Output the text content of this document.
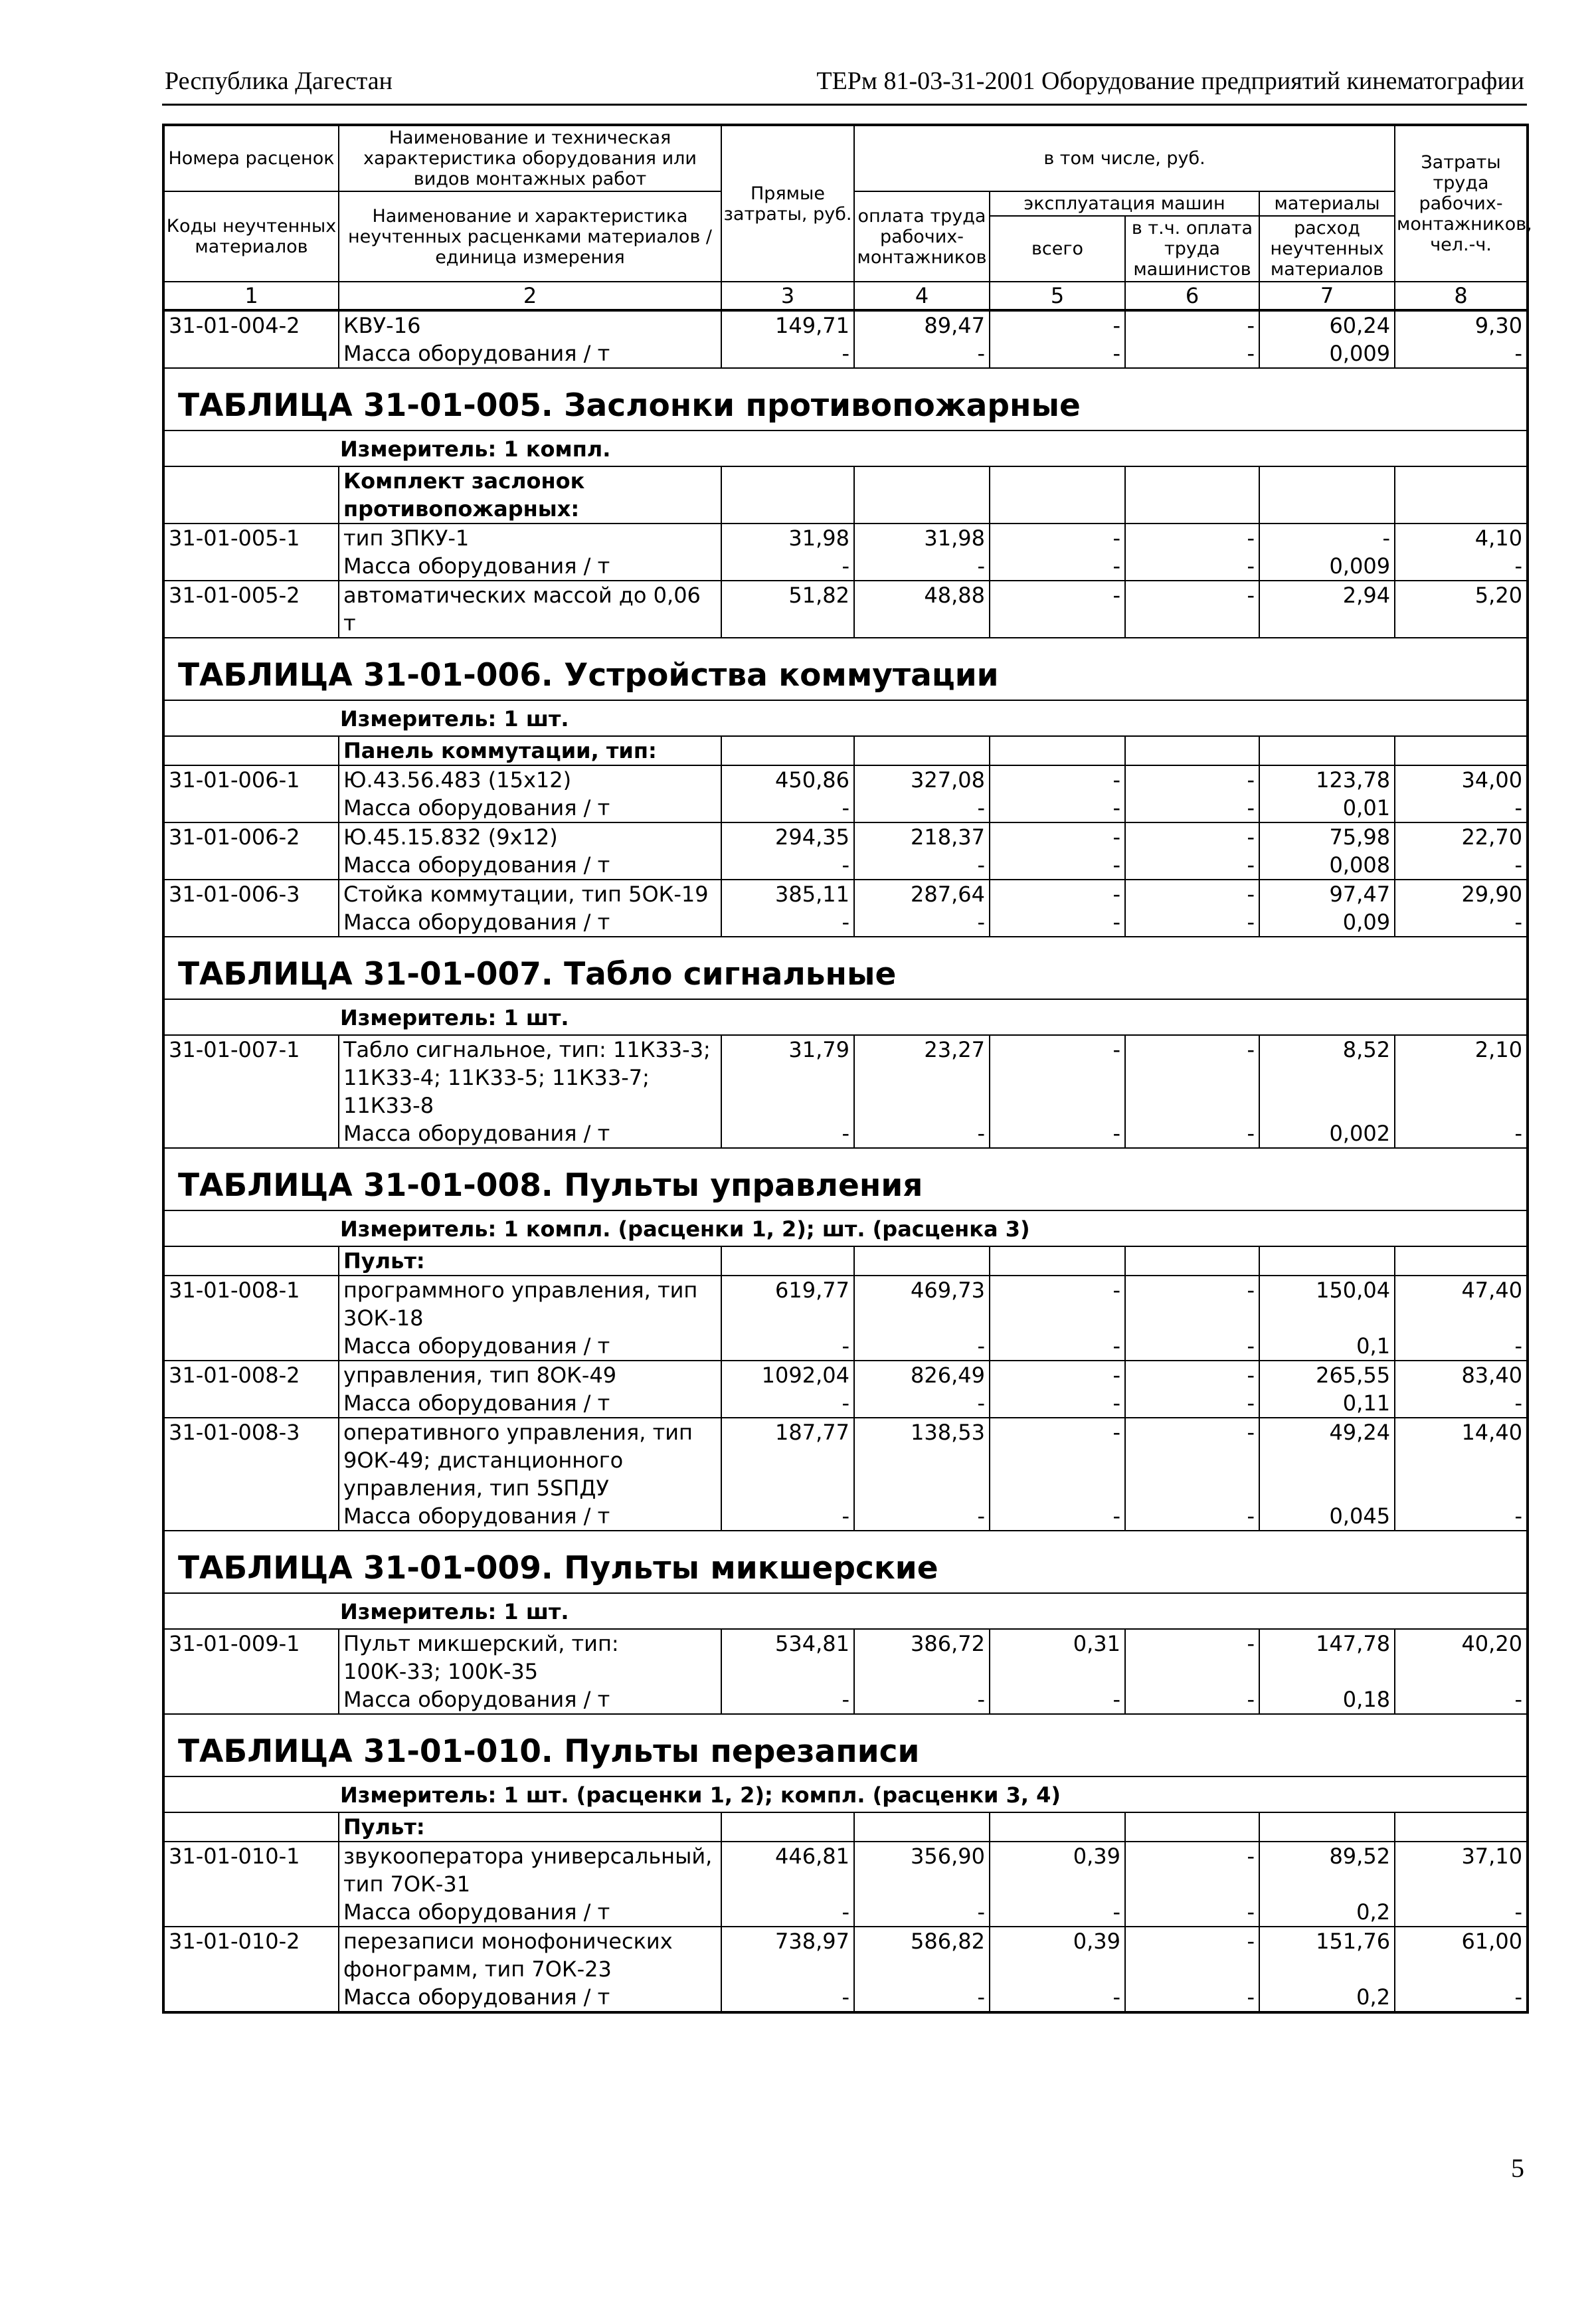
Республика Дагестан	ТЕРм 81-03-31-2001 Оборудование предприятий кинематографии
Номера расценок	Наименование и техническая характеристика оборудования или видов монтажных работ	Прямые затраты, руб.	в том числе, руб.				Затраты труда рабочих-монтажников, чел.-ч.
Коды неучтенных материалов	Наименование и характеристика неучтенных расценками материалов / единица измерения		оплата труда рабочих-монтажников	эксплуатация машин		материалы	
				всего	в т.ч. оплата труда машинистов	расход неучтенных материалов	
1	2	3	4	5	6	7	8
31-01-004-2	КВУ-16	149,71	89,47	-	-	60,24	9,30
	Масса оборудования / т	-	-	-	-	0,009	-

ТАБЛИЦА 31-01-005. Заслонки противопожарные							

Измеритель: 1 компл.							

	Комплект заслонок противопожарных:						
31-01-005-1	тип ЗПКУ-1	31,98	31,98	-	-	-	4,10
	Масса оборудования / т	-	-	-	-	0,009	-
31-01-005-2	автоматических массой до 0,06 т	51,82	48,88	-	-	2,94	5,20

ТАБЛИЦА 31-01-006. Устройства коммутации							

Измеритель: 1 шт.							

	Панель коммутации, тип:						
31-01-006-1	Ю.43.56.483 (15х12)	450,86	327,08	-	-	123,78	34,00
	Масса оборудования / т	-	-	-	-	0,01	-
31-01-006-2	Ю.45.15.832 (9х12)	294,35	218,37	-	-	75,98	22,70
	Масса оборудования / т	-	-	-	-	0,008	-
31-01-006-3	Стойка коммутации, тип 5ОК-19	385,11	287,64	-	-	97,47	29,90
	Масса оборудования / т	-	-	-	-	0,09	-

ТАБЛИЦА 31-01-007. Табло сигнальные							

Измеритель: 1 шт.							

31-01-007-1	Табло сигнальное, тип: 11К33-3; 11К33-4; 11К33-5; 11К33-7; 11К33-8	31,79	23,27	-	-	8,52	2,10
	Масса оборудования / т	-	-	-	-	0,002	-

ТАБЛИЦА 31-01-008. Пульты управления							

Измеритель: 1 компл. (расценки 1, 2); шт. (расценка 3)							

	Пульт:						
31-01-008-1	программного управления, тип 3ОК-18	619,77	469,73	-	-	150,04	47,40
	Масса оборудования / т	-	-	-	-	0,1	-
31-01-008-2	управления, тип 8ОК-49	1092,04	826,49	-	-	265,55	83,40
	Масса оборудования / т	-	-	-	-	0,11	-
31-01-008-3	оперативного управления, тип 9ОК-49; дистанционного управления, тип 5ЅПДУ	187,77	138,53	-	-	49,24	14,40
	Масса оборудования / т	-	-	-	-	0,045	-

ТАБЛИЦА 31-01-009. Пульты микшерские							

Измеритель: 1 шт.							

31-01-009-1	Пульт микшерский, тип: 100К-33; 100К-35	534,81	386,72	0,31	-	147,78	40,20
	Масса оборудования / т	-	-	-	-	0,18	-

ТАБЛИЦА 31-01-010. Пульты перезаписи							

Измеритель: 1 шт. (расценки 1, 2); компл. (расценки 3, 4)							

	Пульт:						
31-01-010-1	звукооператора универсальный, тип 7ОК-31	446,81	356,90	0,39	-	89,52	37,10
	Масса оборудования / т	-	-	-	-	0,2	-
31-01-010-2	перезаписи монофонических фонограмм, тип 7ОК-23	738,97	586,82	0,39	-	151,76	61,00
	Масса оборудования / т	-	-	-	-	0,2	-
5
